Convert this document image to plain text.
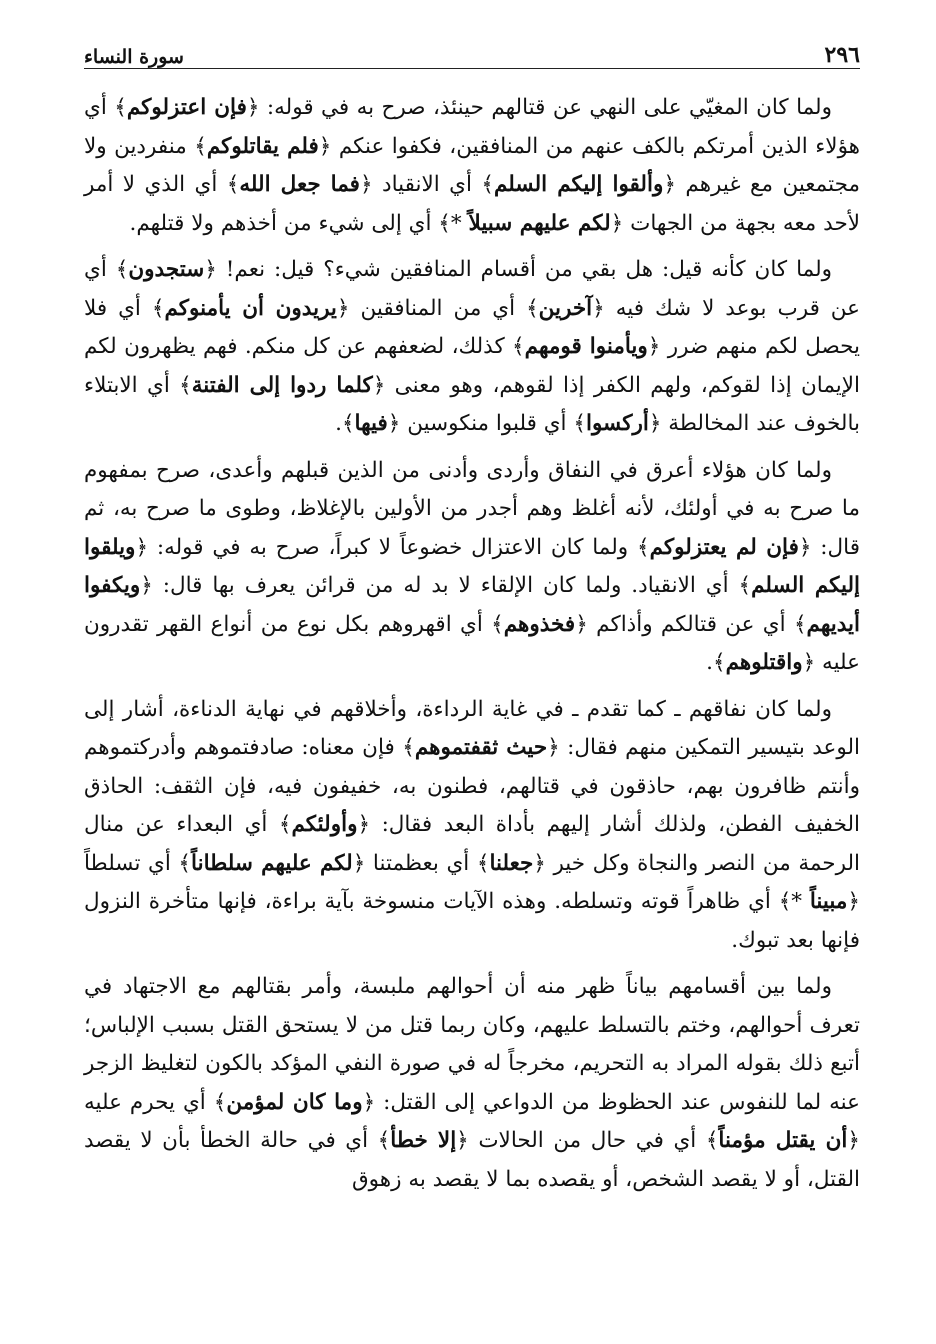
٢٩٦
سورة النساء

ولما كان المغيّي على النهي عن قتالهم حينئذ، صرح به في قوله: ﴿ فإن اعتزلوكم ﴾ أي هؤلاء الذين أمرتكم بالكف عنهم من المنافقين، فكفوا عنكم ﴿ فلم يقاتلوكم ﴾ منفردين ولا مجتمعين مع غيرهم ﴿ وألقوا إليكم السلم ﴾ أي الانقياد ﴿ فما جعل الله ﴾ أي الذي لا أمر لأحد معه بجهة من الجهات ﴿ لكم عليهم سبيلاً *﴾ أي إلى شيء من أخذهم ولا قتلهم.

ولما كان كأنه قيل: هل بقي من أقسام المنافقين شيء؟ قيل: نعم! ﴿ ستجدون ﴾ أي عن قرب بوعد لا شك فيه ﴿ آخرين ﴾ أي من المنافقين ﴿ يريدون أن يأمنوكم ﴾ أي فلا يحصل لكم منهم ضرر ﴿ ويأمنوا قومهم ﴾ كذلك، لضعفهم عن كل منكم. فهم يظهرون لكم الإيمان إذا لقوكم، ولهم الكفر إذا لقوهم، وهو معنى ﴿ كلما ردوا إلى الفتنة ﴾ أي الابتلاء بالخوف عند المخالطة ﴿ أركسوا ﴾ أي قلبوا منكوسين ﴿ فيها ﴾.

ولما كان هؤلاء أعرق في النفاق وأردى وأدنى من الذين قبلهم وأعدى، صرح بمفهوم ما صرح به في أولئك، لأنه أغلظ وهم أجدر من الأولين بالإغلاظ، وطوى ما صرح به، ثم قال: ﴿ فإن لم يعتزلوكم ﴾ ولما كان الاعتزال خضوعاً لا كبراً، صرح به في قوله: ﴿ ويلقوا إليكم السلم ﴾ أي الانقياد. ولما كان الإلقاء لا بد له من قرائن يعرف بها قال: ﴿ ويكفوا أيديهم ﴾ أي عن قتالكم وأذاكم ﴿ فخذوهم ﴾ أي اقهروهم بكل نوع من أنواع القهر تقدرون عليه ﴿ واقتلوهم ﴾.

ولما كان نفاقهم ـ كما تقدم ـ في غاية الرداءة، وأخلاقهم في نهاية الدناءة، أشار إلى الوعد بتيسير التمكين منهم فقال: ﴿ حيث ثقفتموهم ﴾ فإن معناه: صادفتموهم وأدركتموهم وأنتم ظافرون بهم، حاذقون في قتالهم، فطنون به، خفيفون فيه، فإن الثقف: الحاذق الخفيف الفطن، ولذلك أشار إليهم بأداة البعد فقال: ﴿ وأولئكم ﴾ أي البعداء عن منال الرحمة من النصر والنجاة وكل خير ﴿ جعلنا ﴾ أي بعظمتنا ﴿ لكم عليهم سلطاناً ﴾ أي تسلطاً ﴿ مبيناً *﴾ أي ظاهراً قوته وتسلطه. وهذه الآيات منسوخة بآية براءة، فإنها متأخرة النزول فإنها بعد تبوك.

ولما بين أقسامهم بياناً ظهر منه أن أحوالهم ملبسة، وأمر بقتالهم مع الاجتهاد في تعرف أحوالهم، وختم بالتسلط عليهم، وكان ربما قتل من لا يستحق القتل بسبب الإلباس؛ أتبع ذلك بقوله المراد به التحريم، مخرجاً له في صورة النفي المؤكد بالكون لتغليظ الزجر عنه لما للنفوس عند الحظوظ من الدواعي إلى القتل: ﴿ وما كان لمؤمن ﴾ أي يحرم عليه ﴿ أن يقتل مؤمناً ﴾ أي في حال من الحالات ﴿ إلا خطأ ﴾ أي في حالة الخطأ بأن لا يقصد القتل، أو لا يقصد الشخص، أو يقصده بما لا يقصد به زهوق
